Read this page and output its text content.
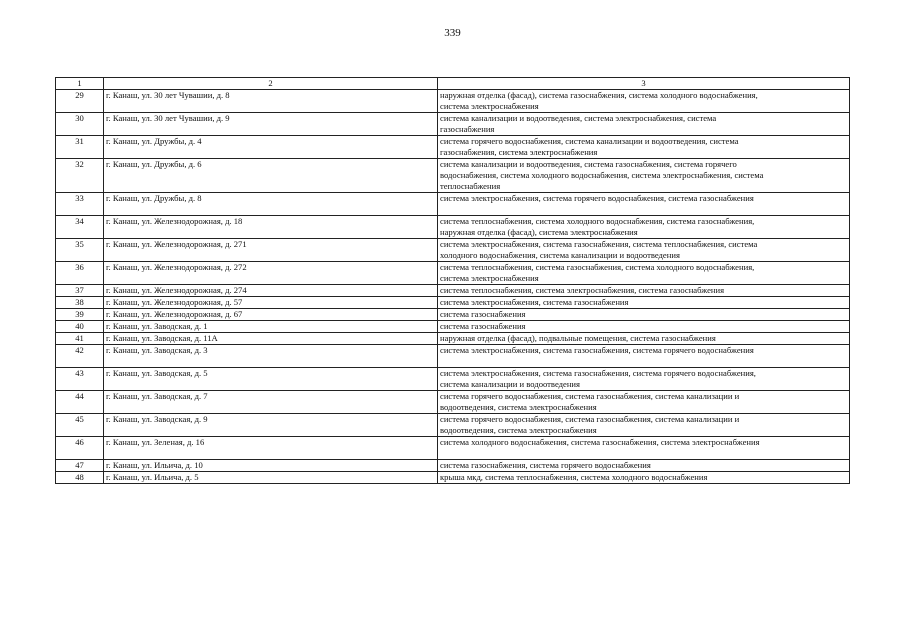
339
1	2	3
29	г. Канаш, ул. 30 лет Чувашии, д. 8	наружная отделка (фасад), система газоснабжения, система холодного водоснабжения,
система электроснабжения

30	г. Канаш, ул. 30 лет Чувашии, д. 9	система канализации и водоотведения, система электроснабжения, система
газоснабжения

31	г. Канаш, ул. Дружбы, д. 4	система горячего водоснабжения, система канализации и водоотведения, система
газоснабжения, система электроснабжения

32	г. Канаш, ул. Дружбы, д. 6	система канализации и водоотведения, система газоснабжения, система горячего
водоснабжения, система холодного водоснабжения, система электроснабжения, система
теплоснабжения

33	г. Канаш, ул. Дружбы, д. 8	система электроснабжения, система горячего водоснабжения, система газоснабжения

34	г. Канаш, ул. Железнодорожная, д. 18	система теплоснабжения, система холодного водоснабжения, система газоснабжения,
наружная отделка (фасад), система электроснабжения

35	г. Канаш, ул. Железнодорожная, д. 271	система электроснабжения, система газоснабжения, система теплоснабжения, система
холодного водоснабжения, система канализации и водоотведения

36	г. Канаш, ул. Железнодорожная, д. 272	система теплоснабжения, система газоснабжения, система холодного водоснабжения,
система электроснабжения

37	г. Канаш, ул. Железнодорожная, д. 274	система теплоснабжения, система электроснабжения, система газоснабжения

38	г. Канаш, ул. Железнодорожная, д. 57	система электроснабжения, система газоснабжения

39	г. Канаш, ул. Железнодорожная, д. 67	система газоснабжения

40	г. Канаш, ул. Заводская, д. 1	система газоснабжения

41	г. Канаш, ул. Заводская, д. 11А	наружная отделка (фасад), подвальные помещения, система газоснабжения

42	г. Канаш, ул. Заводская, д. 3	система электроснабжения, система газоснабжения, система горячего водоснабжения

43	г. Канаш, ул. Заводская, д. 5	система электроснабжения, система газоснабжения, система горячего водоснабжения,
система канализации и водоотведения

44	г. Канаш, ул. Заводская, д. 7	система горячего водоснабжения, система газоснабжения, система канализации и
водоотведения, система электроснабжения

45	г. Канаш, ул. Заводская, д. 9	система горячего водоснабжения, система газоснабжения, система канализации и
водоотведения, система электроснабжения

46	г. Канаш, ул. Зеленая, д. 16	система холодного водоснабжения, система газоснабжения, система электроснабжения

47	г. Канаш, ул. Ильича, д. 10	система газоснабжения, система горячего водоснабжения

48	г. Канаш, ул. Ильича, д. 5	крыша мкд, система теплоснабжения, система холодного водоснабжения
